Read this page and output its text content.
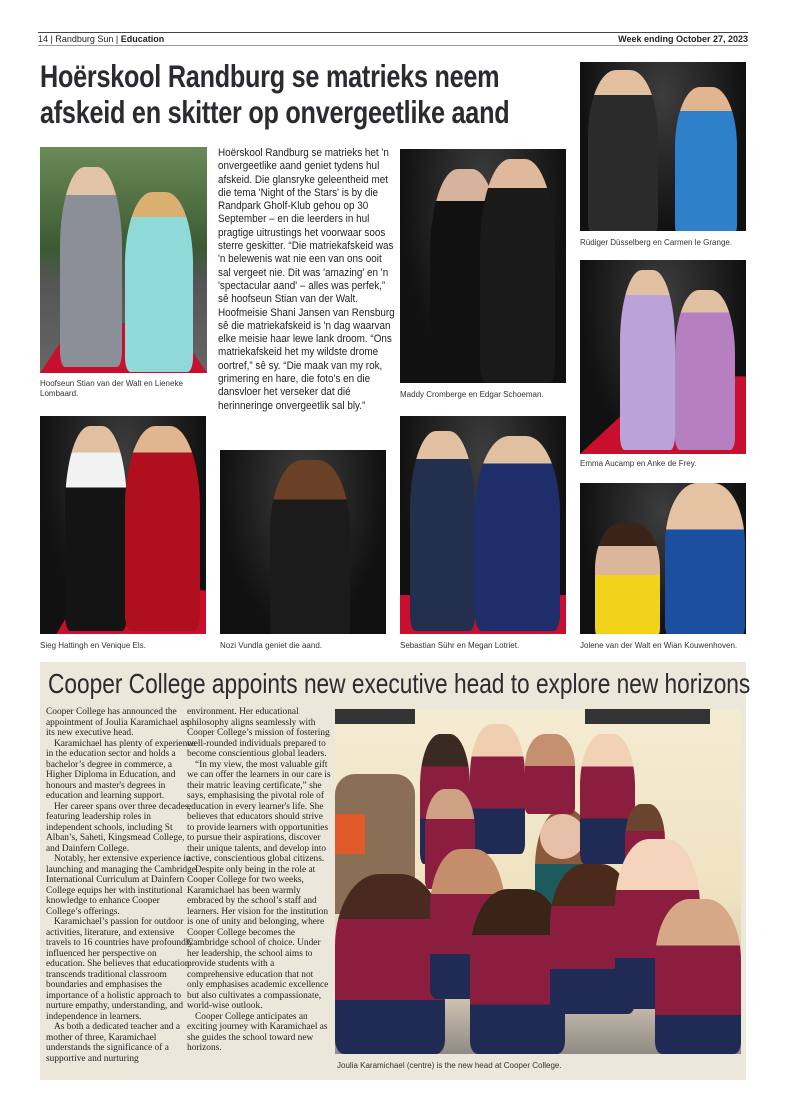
14 | Randburg Sun | Education	Week ending October 27, 2023
Hoërskool Randburg se matrieks neem
afskeid en skitter op onvergeetlike aand
Hoofseun Stian van der Walt en Lieneke Lombaard.
Hoërskool Randburg se matrieks het 'n onvergeetlike aand geniet tydens hul afskeid. Die glansryke geleentheid met die tema 'Night of the Stars' is by die Randpark Gholf-Klub gehou op 30 September – en die leerders in hul pragtige uitrustings het voorwaar soos sterre geskitter. “Die matriekafskeid was 'n belewenis wat nie een van ons ooit sal vergeet nie. Dit was 'amazing' en 'n 'spectacular aand' – alles was perfek,” sê hoofseun Stian van der Walt. Hoofmeisie Shani Jansen van Rensburg sê die matriekafskeid is 'n dag waarvan elke meisie haar lewe lank droom. “Ons matriekafskeid het my wildste drome oortref,” sê sy. “Die maak van my rok, grimering en hare, die foto's en die dansvloer het verseker dat dié herinneringe onvergeetlik sal bly.”
Maddy Cromberge en Edgar Schoeman.
Rüdiger Düsselberg en Carmen le Grange.
Emma Aucamp en Anke de Frey.
Sieg Hattingh en Venique Els.	Nozi Vundla geniet die aand.	Sebastian Sühr en Megan Lotriet.	Jolene van der Walt en Wian Kouwenhoven.
Cooper College appoints new executive head to explore new horizons

Cooper College has announced the appointment of Joulia Karamichael as its new executive head.

Karamichael has plenty of experience in the education sector and holds a bachelor’s degree in commerce, a Higher Diploma in Education, and honours and master's degrees in education and learning support.

Her career spans over three decades, featuring leadership roles in independent schools, including St Alban’s, Saheti, Kingsmead College, and Dainfern College.

Notably, her extensive experience in launching and managing the Cambridge International Curriculum at Dainfern College equips her with institutional knowledge to enhance Cooper College’s offerings.

Karamichael’s passion for outdoor activities, literature, and extensive travels to 16 countries have profoundly influenced her perspective on education. She believes that education transcends traditional classroom boundaries and emphasises the importance of a holistic approach to nurture empathy, understanding, and independence in learners.

As both a dedicated teacher and a mother of three, Karamichael understands the significance of a supportive and nurturing

environment. Her educational philosophy aligns seamlessly with Cooper College’s mission of fostering well-rounded individuals prepared to become conscientious global leaders.

“In my view, the most valuable gift we can offer the learners in our care is their matric leaving certificate,” she says, emphasising the pivotal role of education in every learner's life. She believes that educators should strive to provide learners with opportunities to pursue their aspirations, discover their unique talents, and develop into active, conscientious global citizens.

Despite only being in the role at Cooper College for two weeks, Karamichael has been warmly embraced by the school’s staff and learners. Her vision for the institution is one of unity and belonging, where Cooper College becomes the Cambridge school of choice. Under her leadership, the school aims to provide students with a comprehensive education that not only emphasises academic excellence but also cultivates a compassionate, world-wise outlook.

Cooper College anticipates an exciting journey with Karamichael as she guides the school toward new horizons.

Joulia Karamichael (centre) is the new head at Cooper College.
